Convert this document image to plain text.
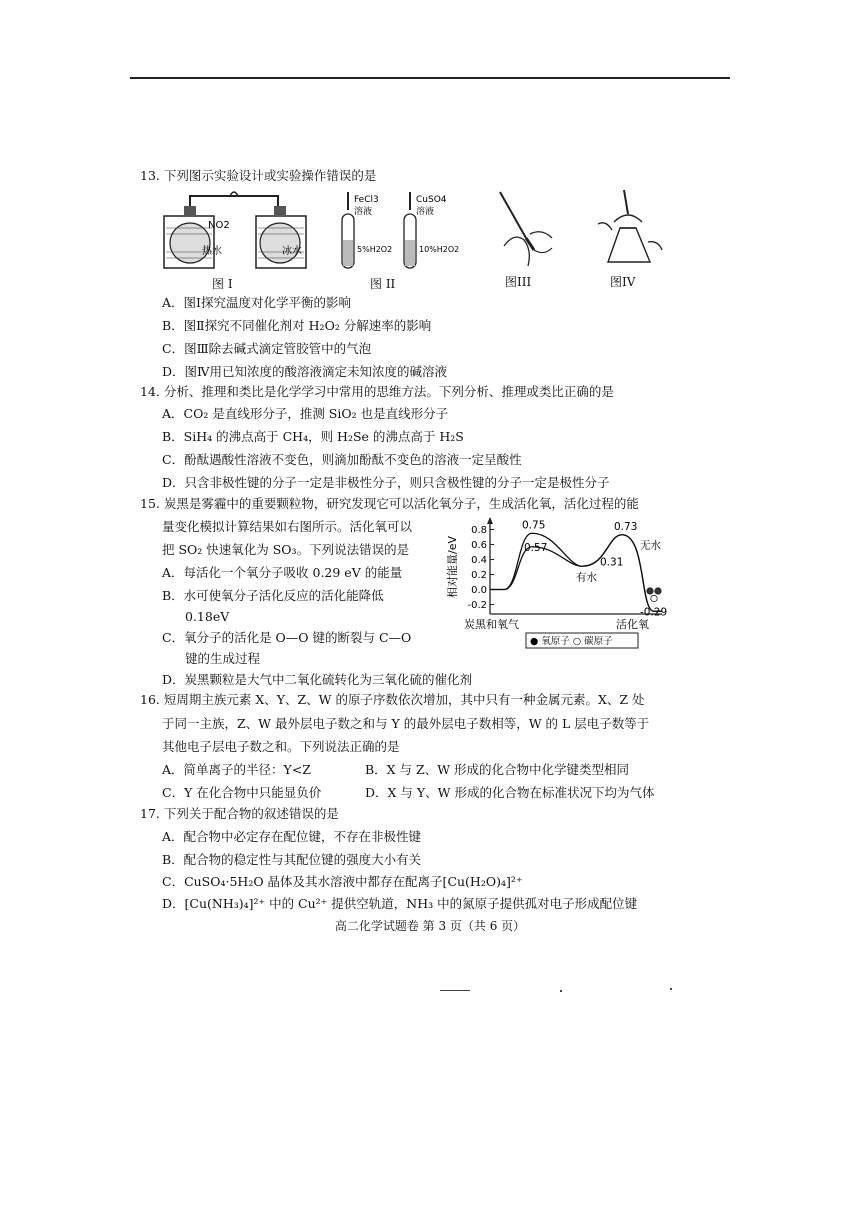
13. 下列图示实验设计或实验操作错误的是
NO2
热水	冰水
图 I
FeCl3
溶液
CuSO4
溶液
5%H2O2	10%H2O2
图 II	图III	图IV
A．图Ⅰ探究温度对化学平衡的影响
B．图Ⅱ探究不同催化剂对 H₂O₂ 分解速率的影响
C．图Ⅲ除去碱式滴定管胶管中的气泡
D．图Ⅳ用已知浓度的酸溶液滴定未知浓度的碱溶液
14. 分析、推理和类比是化学学习中常用的思维方法。下列分析、推理或类比正确的是
A．CO₂ 是直线形分子，推测 SiO₂ 也是直线形分子
B．SiH₄ 的沸点高于 CH₄，则 H₂Se 的沸点高于 H₂S
C．酚酞遇酸性溶液不变色，则滴加酚酞不变色的溶液一定呈酸性
D．只含非极性键的分子一定是非极性分子，则只含极性键的分子一定是极性分子
15. 炭黑是雾霾中的重要颗粒物，研究发现它可以活化氧分子，生成活化氧，活化过程的能
量变化模拟计算结果如右图所示。活化氧可以
把 SO₂ 快速氧化为 SO₃。下列说法错误的是
A．每活化一个氧分子吸收 0.29 eV 的能量
B．水可使氧分子活化反应的活化能降低
0.18eV
C．氧分子的活化是 O—O 键的断裂与 C—O
键的生成过程
D．炭黑颗粒是大气中二氧化硫转化为三氧化硫的催化剂
相对能量/eV
0.8
0.6
0.4
0.2
0.0
-0.2
0.75
0.57
0.73
0.31
-0.29
无水
有水
炭黑和氧气	活化氧
● 氧原子 ○ 碳原子
16. 短周期主族元素 X、Y、Z、W 的原子序数依次增加，其中只有一种金属元素。X、Z 处
于同一主族，Z、W 最外层电子数之和与 Y 的最外层电子数相等，W 的 L 层电子数等于
其他电子层电子数之和。下列说法正确的是
A．简单离子的半径：Y<Z	B．X 与 Z、W 形成的化合物中化学键类型相同
C．Y 在化合物中只能显负价	D．X 与 Y、W 形成的化合物在标准状况下均为气体
17. 下列关于配合物的叙述错误的是
A．配合物中必定存在配位键，不存在非极性键
B．配合物的稳定性与其配位键的强度大小有关
C．CuSO₄·5H₂O 晶体及其水溶液中都存在配离子[Cu(H₂O)₄]²⁺
D．[Cu(NH₃)₄]²⁺ 中的 Cu²⁺ 提供空轨道，NH₃ 中的氮原子提供孤对电子形成配位键
高二化学试题卷 第 3 页（共 6 页）
